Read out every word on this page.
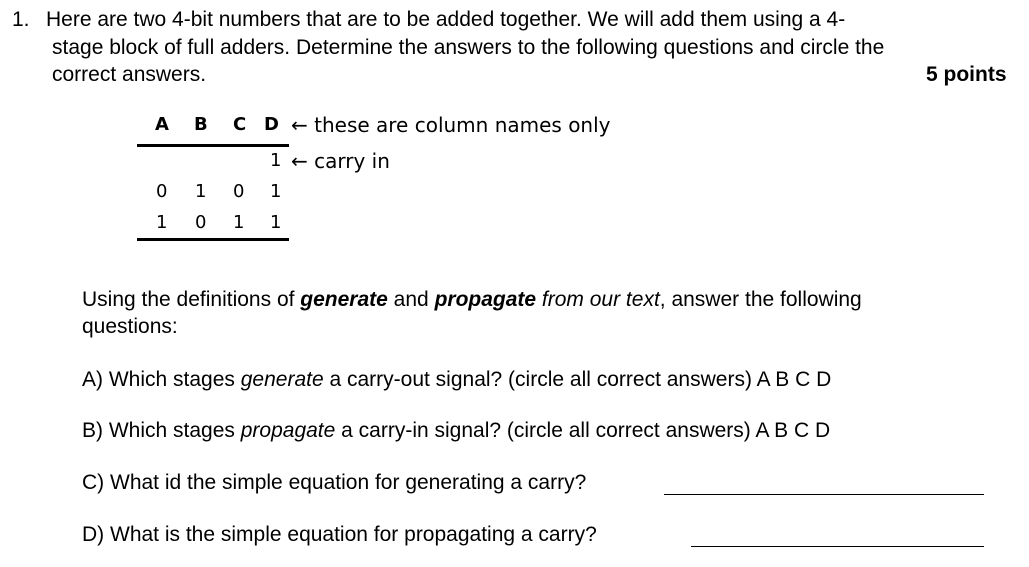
1. Here are two 4-bit numbers that are to be added together. We will add them using a 4-
stage block of full adders. Determine the answers to the following questions and circle the
correct answers.	5 points
A B C D ← these are column names only
1 ← carry in
0 1 0 1
1 0 1 1
Using the definitions of generate and propagate from our text, answer the following
questions:
A) Which stages generate a carry-out signal? (circle all correct answers) A B C D
B) Which stages propagate a carry-in signal? (circle all correct answers) A B C D
C) What id the simple equation for generating a carry?
D) What is the simple equation for propagating a carry?
